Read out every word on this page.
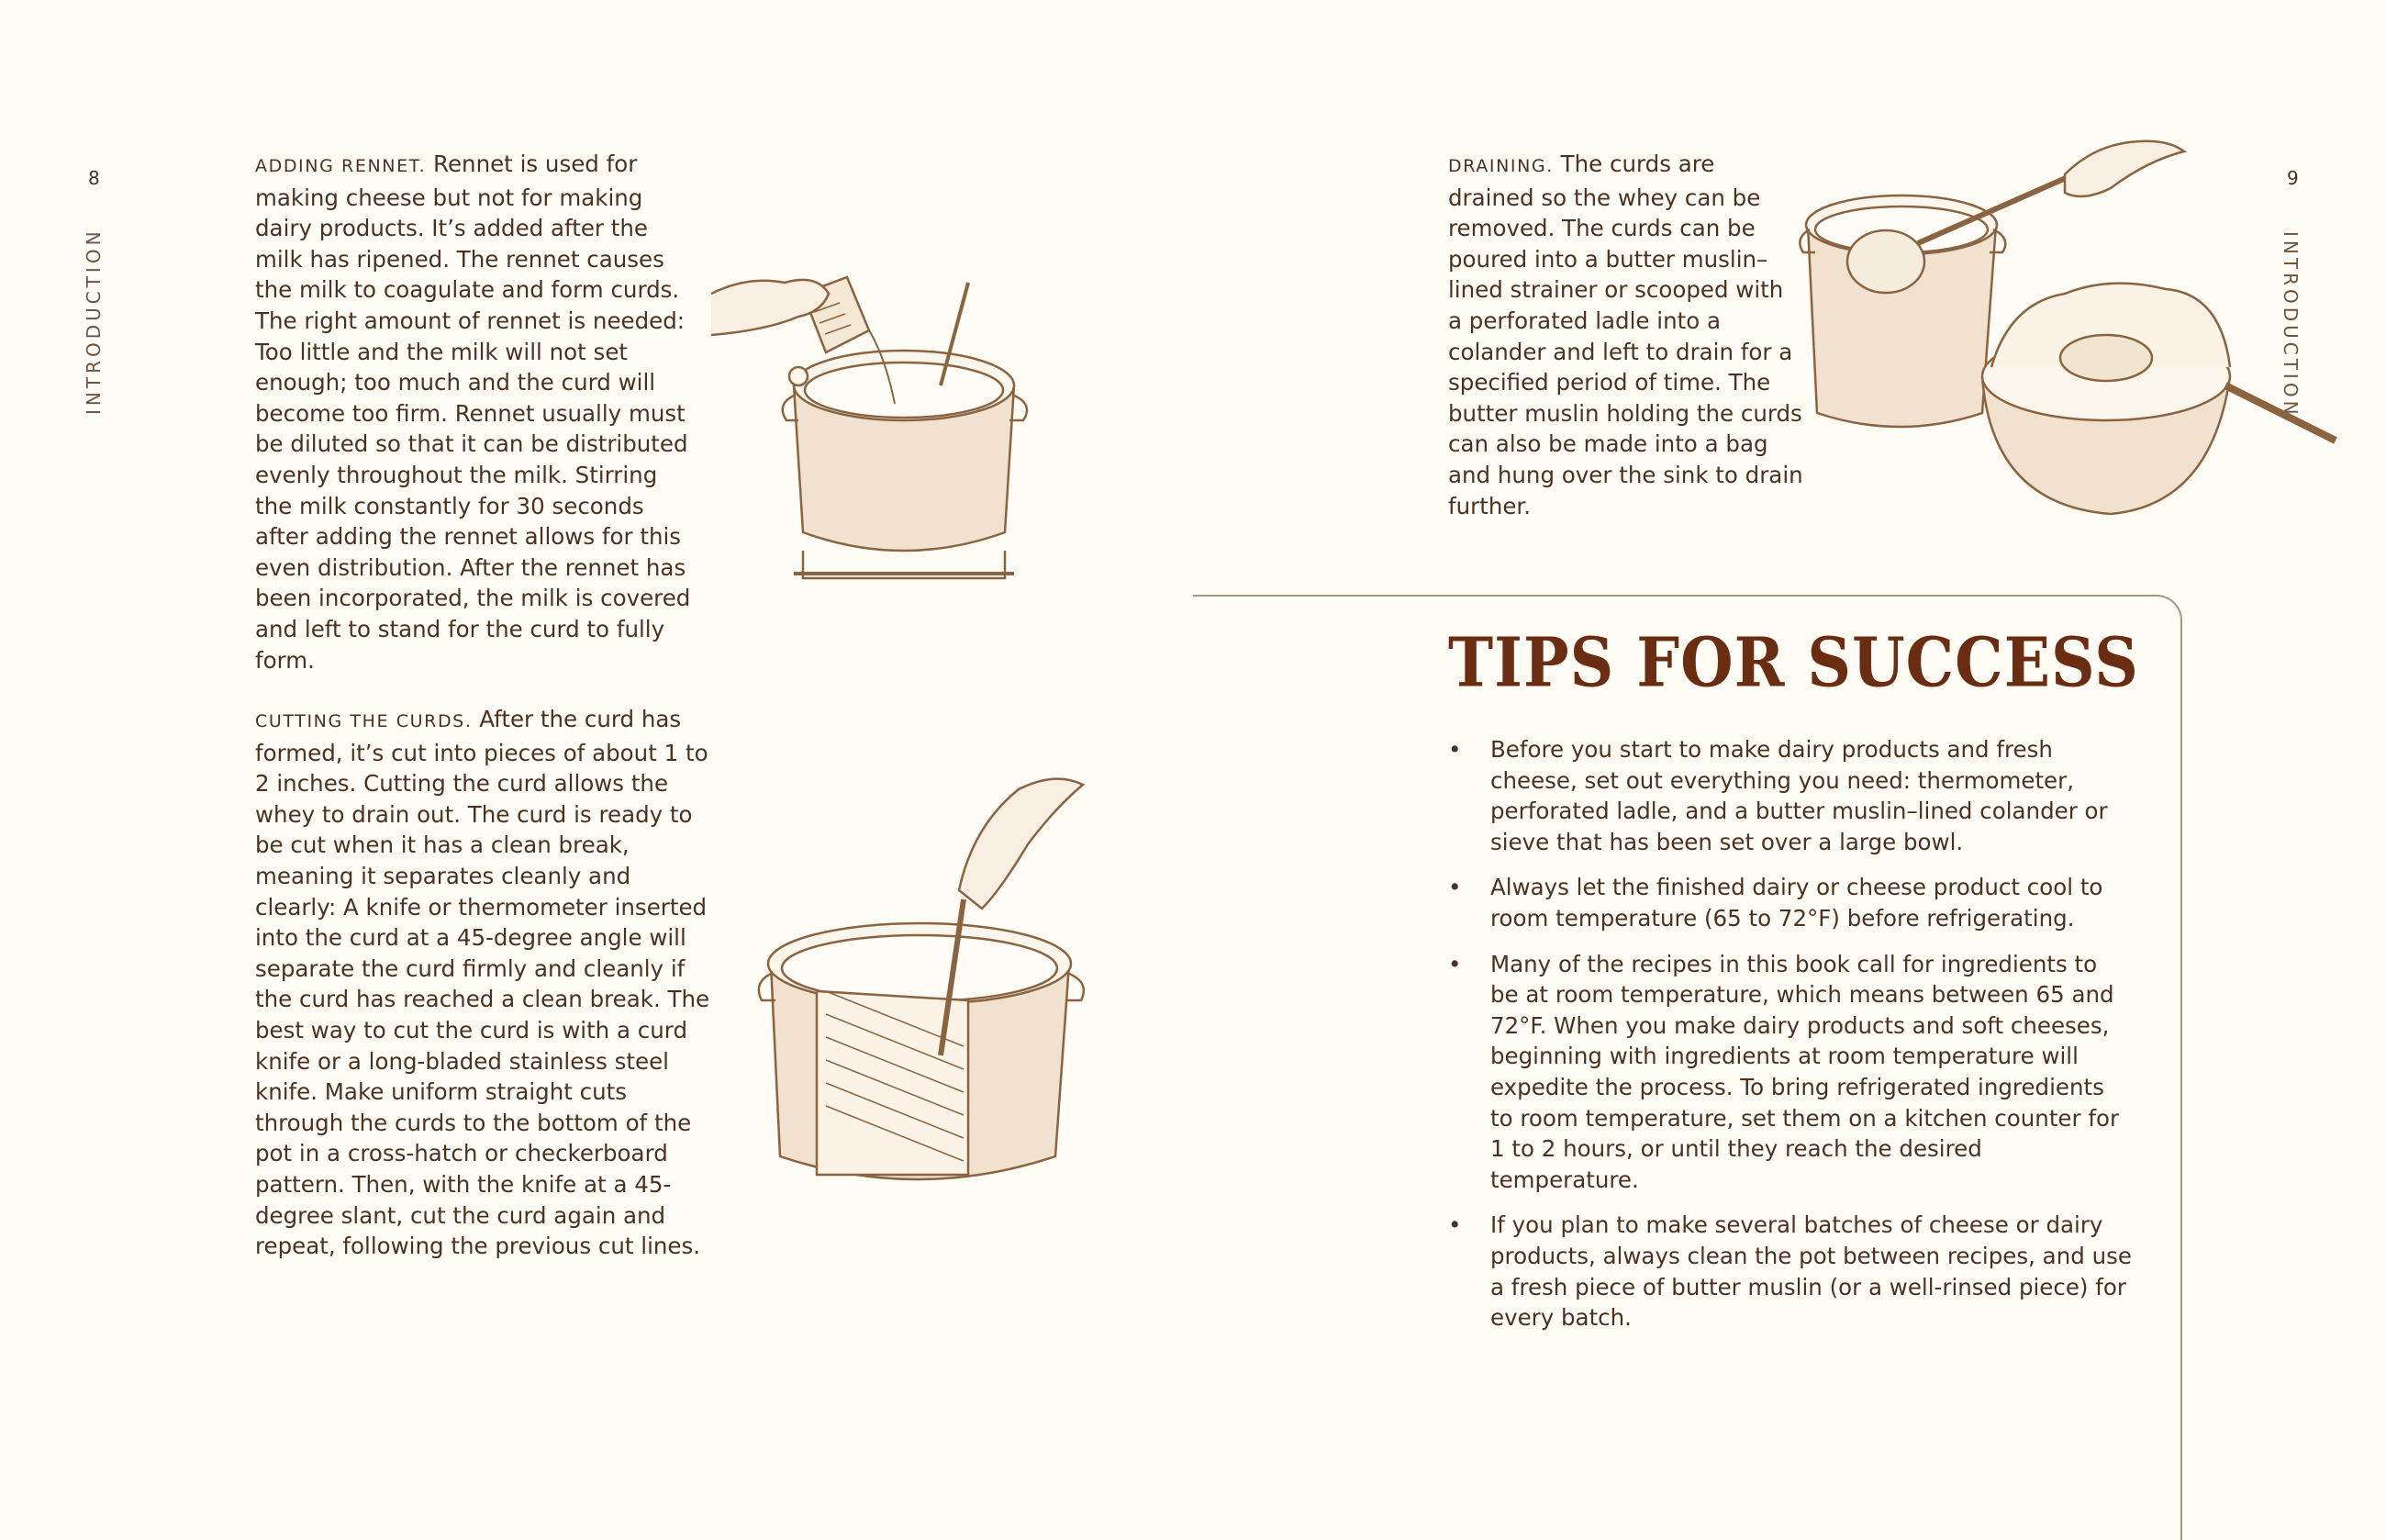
8
INTRODUCTION

ADDING RENNET. Rennet is used for making cheese but not for making dairy products. It’s added after the milk has ripened. The rennet causes the milk to coagulate and form curds. The right amount of rennet is needed: Too little and the milk will not set enough; too much and the curd will become too firm. Rennet usually must be diluted so that it can be distributed evenly throughout the milk. Stirring the milk constantly for 30 seconds after adding the rennet allows for this even distribution. After the rennet has been incorporated, the milk is covered and left to stand for the curd to fully form.

CUTTING THE CURDS. After the curd has formed, it’s cut into pieces of about 1 to 2 inches. Cutting the curd allows the whey to drain out. The curd is ready to be cut when it has a clean break, meaning it separates cleanly and clearly: A knife or thermometer inserted into the curd at a 45-degree angle will separate the curd firmly and cleanly if the curd has reached a clean break. The best way to cut the curd is with a curd knife or a long-bladed stainless steel knife. Make uniform straight cuts through the curds to the bottom of the pot in a cross-hatch or checkerboard pattern. Then, with the knife at a 45-degree slant, cut the curd again and repeat, following the previous cut lines.

9
INTRODUCTION

DRAINING. The curds are drained so the whey can be removed. The curds can be poured into a butter muslin–lined strainer or scooped with a perforated ladle into a colander and left to drain for a specified period of time. The butter muslin holding the curds can also be made into a bag and hung over the sink to drain further.

TIPS FOR SUCCESS
• Before you start to make dairy products and fresh cheese, set out everything you need: thermometer, perforated ladle, and a butter muslin–lined colander or sieve that has been set over a large bowl.
• Always let the finished dairy or cheese product cool to room temperature (65 to 72°F) before refrigerating.
• Many of the recipes in this book call for ingredients to be at room temperature, which means between 65 and 72°F. When you make dairy products and soft cheeses, beginning with ingredients at room temperature will expedite the process. To bring refrigerated ingredients to room temperature, set them on a kitchen counter for 1 to 2 hours, or until they reach the desired temperature.
• If you plan to make several batches of cheese or dairy products, always clean the pot between recipes, and use a fresh piece of butter muslin (or a well-rinsed piece) for every batch.
